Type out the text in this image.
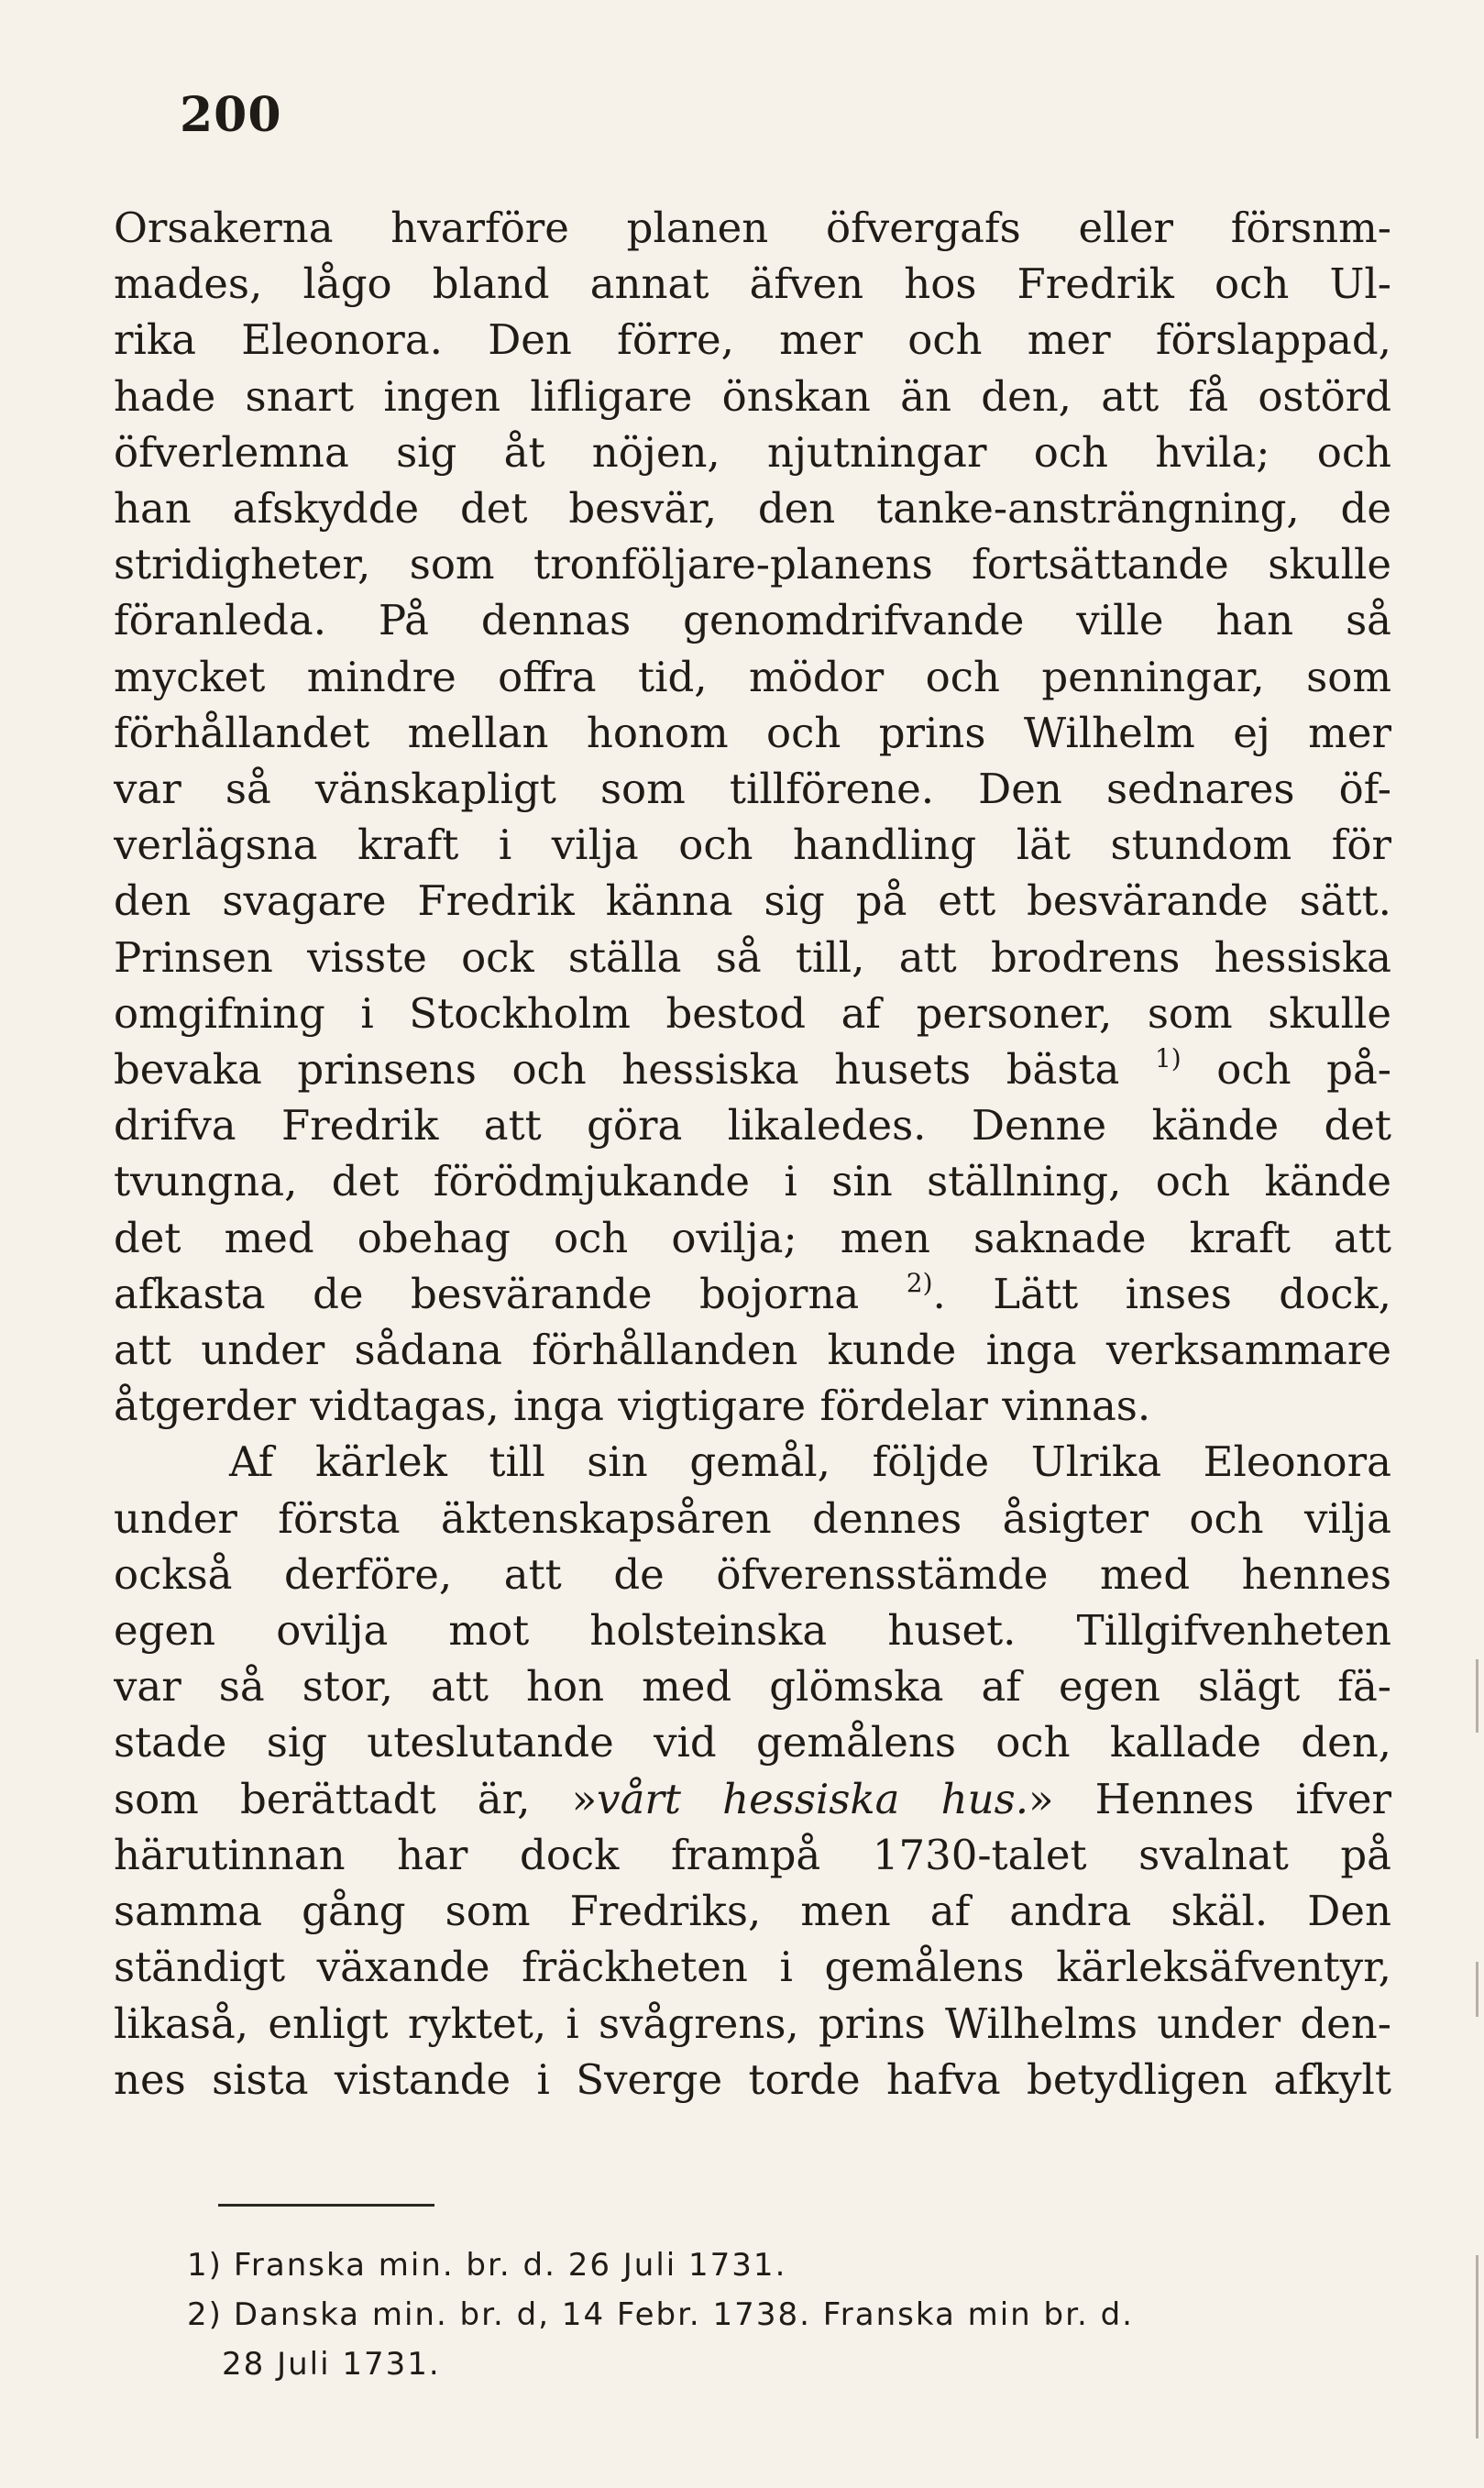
200
Orsakerna hvarföre planen öfvergafs eller försnm-
mades, lågo bland annat äfven hos Fredrik och Ul-
rika Eleonora. Den förre, mer och mer förslappad,
hade snart ingen lifligare önskan än den, att få ostörd
öfverlemna sig åt nöjen, njutningar och hvila; och
han afskydde det besvär, den tanke-ansträngning, de
stridigheter, som tronföljare-planens fortsättande skulle
föranleda. På dennas genomdrifvande ville han så
mycket mindre offra tid, mödor och penningar, som
förhållandet mellan honom och prins Wilhelm ej mer
var så vänskapligt som tillförene. Den sednares öf-
verlägsna kraft i vilja och handling lät stundom för
den svagare Fredrik känna sig på ett besvärande sätt.
Prinsen visste ock ställa så till, att brodrens hessiska
omgifning i Stockholm bestod af personer, som skulle
bevaka prinsens och hessiska husets bästa $^{1)}$ och på-
drifva Fredrik att göra likaledes. Denne kände det
tvungna, det förödmjukande i sin ställning, och kände
det med obehag och ovilja; men saknade kraft att
afkasta de besvärande bojorna $^{2)}$. Lätt inses dock,
att under sådana förhållanden kunde inga verksammare
åtgerder vidtagas, inga vigtigare fördelar vinnas.
Af kärlek till sin gemål, följde Ulrika Eleonora
under första äktenskapsåren dennes åsigter och vilja
också derföre, att de öfverensstämde med hennes
egen ovilja mot holsteinska huset. Tillgifvenheten
var så stor, att hon med glömska af egen slägt fä-
stade sig uteslutande vid gemålens och kallade den,
som berättadt är, »vårt hessiska hus.» Hennes ifver
härutinnan har dock frampå 1730-talet svalnat på
samma gång som Fredriks, men af andra skäl. Den
ständigt växande fräckheten i gemålens kärleksäfventyr,
likaså, enligt ryktet, i svågrens, prins Wilhelms under den-
nes sista vistande i Sverge torde hafva betydligen afkylt
1) Franska min. br. d. 26 Juli 1731.
2) Danska min. br. d, 14 Febr. 1738. Franska min br. d.
28 Juli 1731.
